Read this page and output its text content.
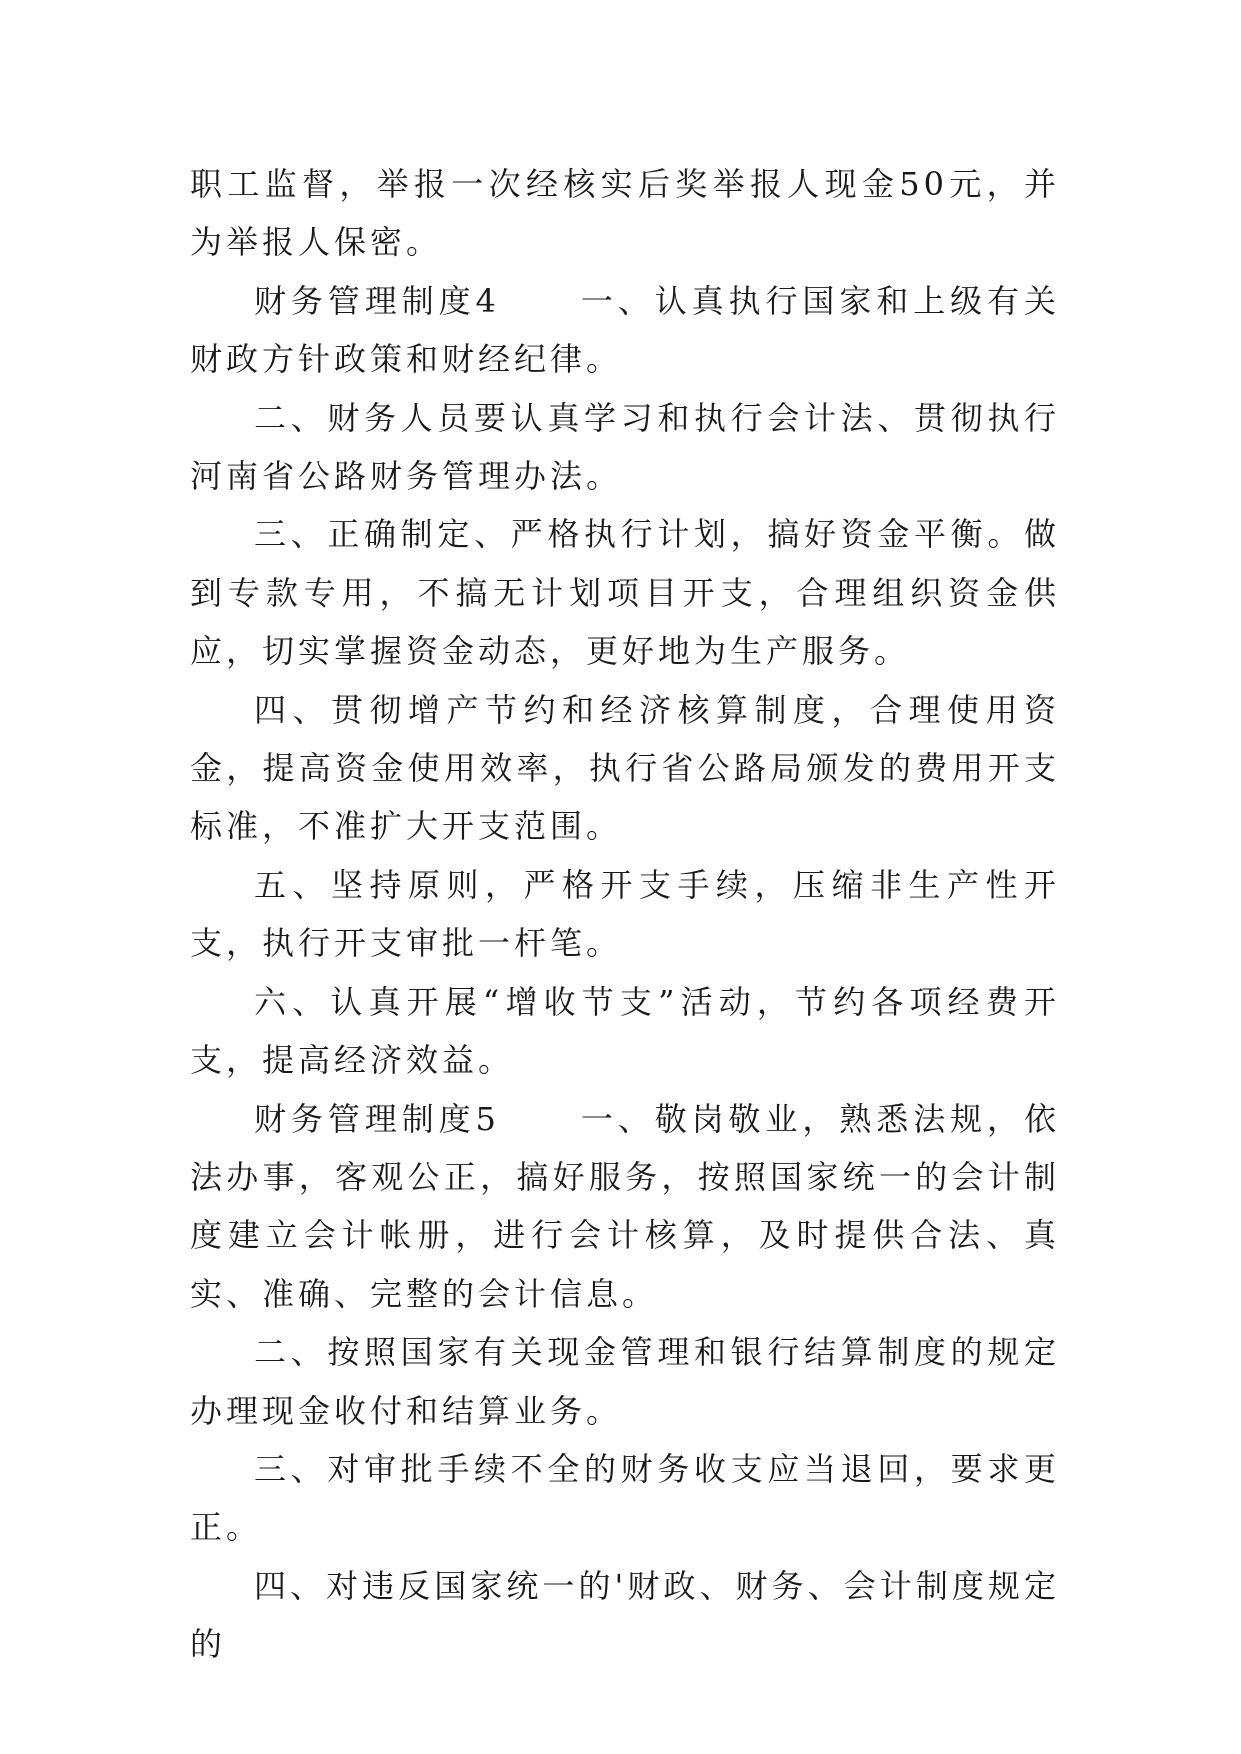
职工监督，举报一次经核实后奖举报人现金50元，并为举报人保密。

财务管理制度4	一、认真执行国家和上级有关财政方针政策和财经纪律。

二、财务人员要认真学习和执行会计法、贯彻执行河南省公路财务管理办法。

三、正确制定、严格执行计划，搞好资金平衡。做到专款专用，不搞无计划项目开支，合理组织资金供应，切实掌握资金动态，更好地为生产服务。

四、贯彻增产节约和经济核算制度，合理使用资金，提高资金使用效率，执行省公路局颁发的费用开支标准，不准扩大开支范围。

五、坚持原则，严格开支手续，压缩非生产性开支，执行开支审批一杆笔。

六、认真开展“增收节支”活动，节约各项经费开支，提高经济效益。

财务管理制度5	一、敬岗敬业，熟悉法规，依法办事，客观公正，搞好服务，按照国家统一的会计制度建立会计帐册，进行会计核算，及时提供合法、真实、准确、完整的会计信息。

二、按照国家有关现金管理和银行结算制度的规定办理现金收付和结算业务。

三、对审批手续不全的财务收支应当退回，要求更正。

四、对违反国家统一的'财政、财务、会计制度规定的
